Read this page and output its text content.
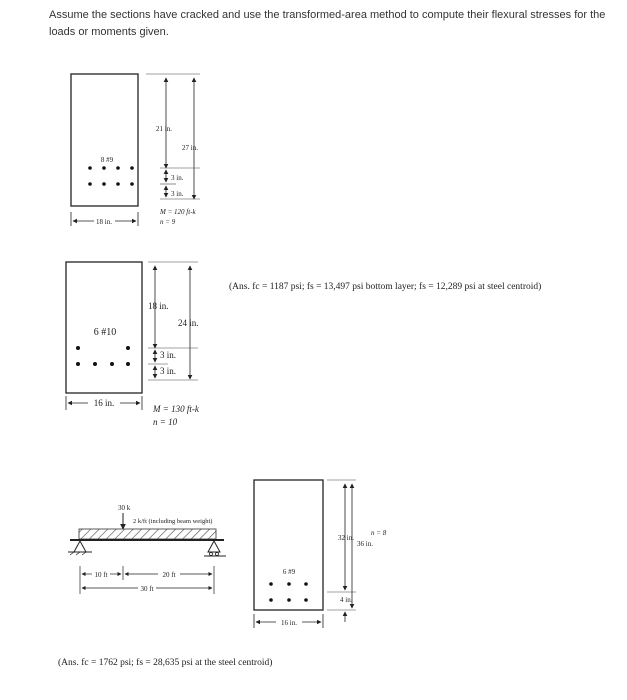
Assume the sections have cracked and use the transformed-area method to compute their flexural stresses for the loads or moments given.
8 #9
21 in.
27 in.
3 in.
3 in.
M = 120 ft-k
n = 9
18 in.
6 #10
18 in.
24 in.
3 in.
3 in.
M = 130 ft-k
n = 10
16 in.
(Ans. fc = 1187 psi; fs = 13,497 psi bottom layer; fs = 12,289 psi at steel centroid)
30 k
2 k/ft (including beam weight)
10 ft	20 ft
30 ft
6 #9
32 in.
36 in.
n = 8
4 in.
16 in.
(Ans. fc = 1762 psi; fs = 28,635 psi at the steel centroid)
